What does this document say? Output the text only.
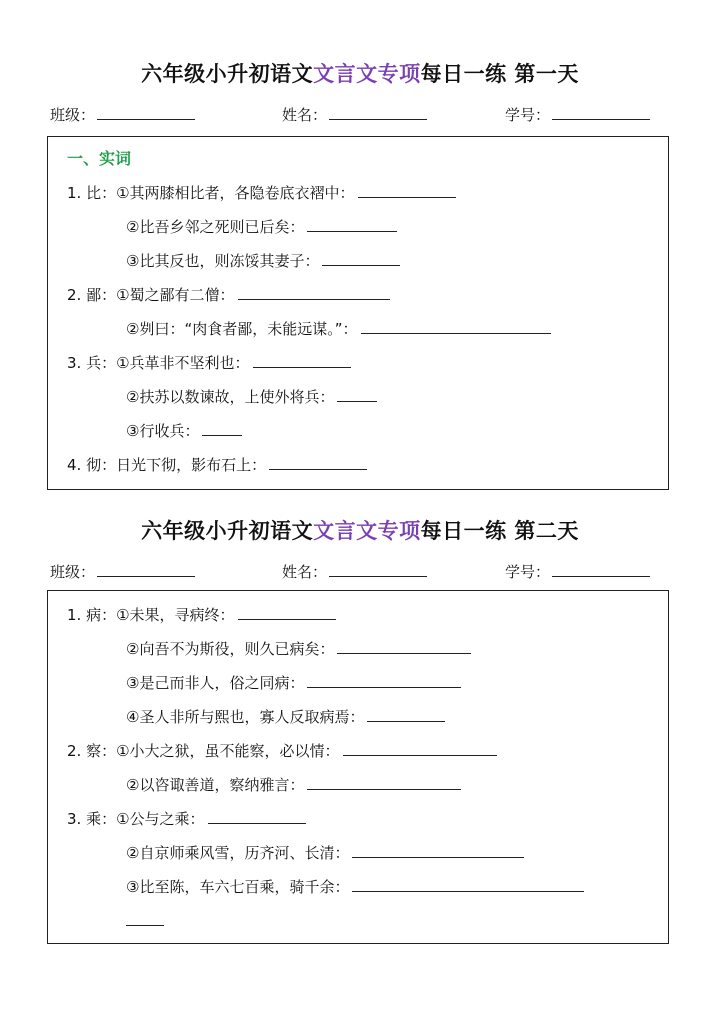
六年级小升初语文文言文专项每日一练 第一天
班级：	姓名：	学号：
一、实词
1. 比：①其两膝相比者，各隐卷底衣褶中：
②比吾乡邻之死则已后矣：
③比其反也，则冻馁其妻子：
2. 鄙：①蜀之鄙有二僧：
②刿曰：“肉食者鄙，未能远谋。”：
3. 兵：①兵革非不坚利也：
②扶苏以数谏故，上使外将兵：
③行收兵：
4. 彻：日光下彻，影布石上：
六年级小升初语文文言文专项每日一练 第二天
班级：	姓名：	学号：
1. 病：①未果，寻病终：
②向吾不为斯役，则久已病矣：
③是己而非人，俗之同病：
④圣人非所与熙也，寡人反取病焉：
2. 察：①小大之狱，虽不能察，必以情：
②以咨诹善道，察纳雅言：
3. 乘：①公与之乘：
②自京师乘风雪，历齐河、长清：
③比至陈，车六七百乘，骑千余：
